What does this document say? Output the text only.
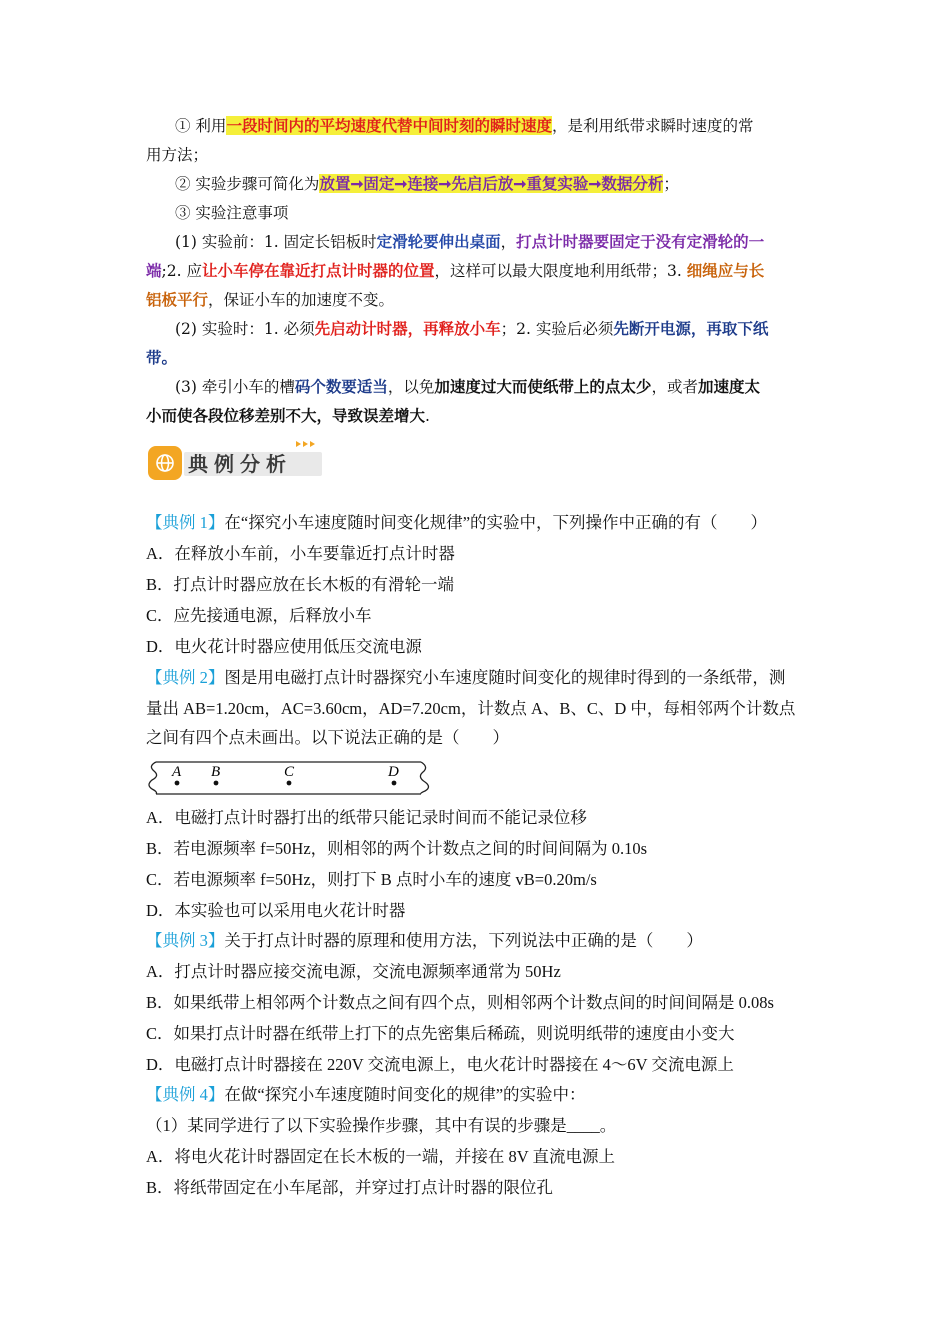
① 利用一段时间内的平均速度代替中间时刻的瞬时速度，是利用纸带求瞬时速度的常
用方法；
② 实验步骤可简化为放置➞固定➞连接➞先启后放➞重复实验➞数据分析；
③ 实验注意事项
(1) 实验前：1. 固定长铝板时定滑轮要伸出桌面，打点计时器要固定于没有定滑轮的一
端;2. 应让小车停在靠近打点计时器的位置，这样可以最大限度地利用纸带；3. 细绳应与长
铝板平行，保证小车的加速度不变。
(2) 实验时：1. 必须先启动计时器，再释放小车；2. 实验后必须先断开电源，再取下纸
带。
(3) 牵引小车的槽码个数要适当，以免加速度过大而使纸带上的点太少，或者加速度太
小而使各段位移差别不大，导致误差增大.
典例分析
【典例 1】在“探究小车速度随时间变化规律”的实验中，下列操作中正确的有（　　）
A．在释放小车前，小车要靠近打点计时器
B．打点计时器应放在长木板的有滑轮一端
C．应先接通电源，后释放小车
D．电火花计时器应使用低压交流电源
【典例 2】图是用电磁打点计时器探究小车速度随时间变化的规律时得到的一条纸带，测
量出 AB=1.20cm，AC=3.60cm，AD=7.20cm，计数点 A、B、C、D 中，每相邻两个计数点
之间有四个点未画出。以下说法正确的是（　　）
A B	C	D
A．电磁打点计时器打出的纸带只能记录时间而不能记录位移
B．若电源频率 f=50Hz，则相邻的两个计数点之间的时间间隔为 0.10s
C．若电源频率 f=50Hz，则打下 B 点时小车的速度 vB=0.20m/s
D．本实验也可以采用电火花计时器
【典例 3】关于打点计时器的原理和使用方法，下列说法中正确的是（　　）
A．打点计时器应接交流电源，交流电源频率通常为 50Hz
B．如果纸带上相邻两个计数点之间有四个点，则相邻两个计数点间的时间间隔是 0.08s
C．如果打点计时器在纸带上打下的点先密集后稀疏，则说明纸带的速度由小变大
D．电磁打点计时器接在 220V 交流电源上，电火花计时器接在 4～6V 交流电源上
【典例 4】在做“探究小车速度随时间变化的规律”的实验中：
（1）某同学进行了以下实验操作步骤，其中有误的步骤是____。
A．将电火花计时器固定在长木板的一端，并接在 8V 直流电源上
B．将纸带固定在小车尾部，并穿过打点计时器的限位孔
